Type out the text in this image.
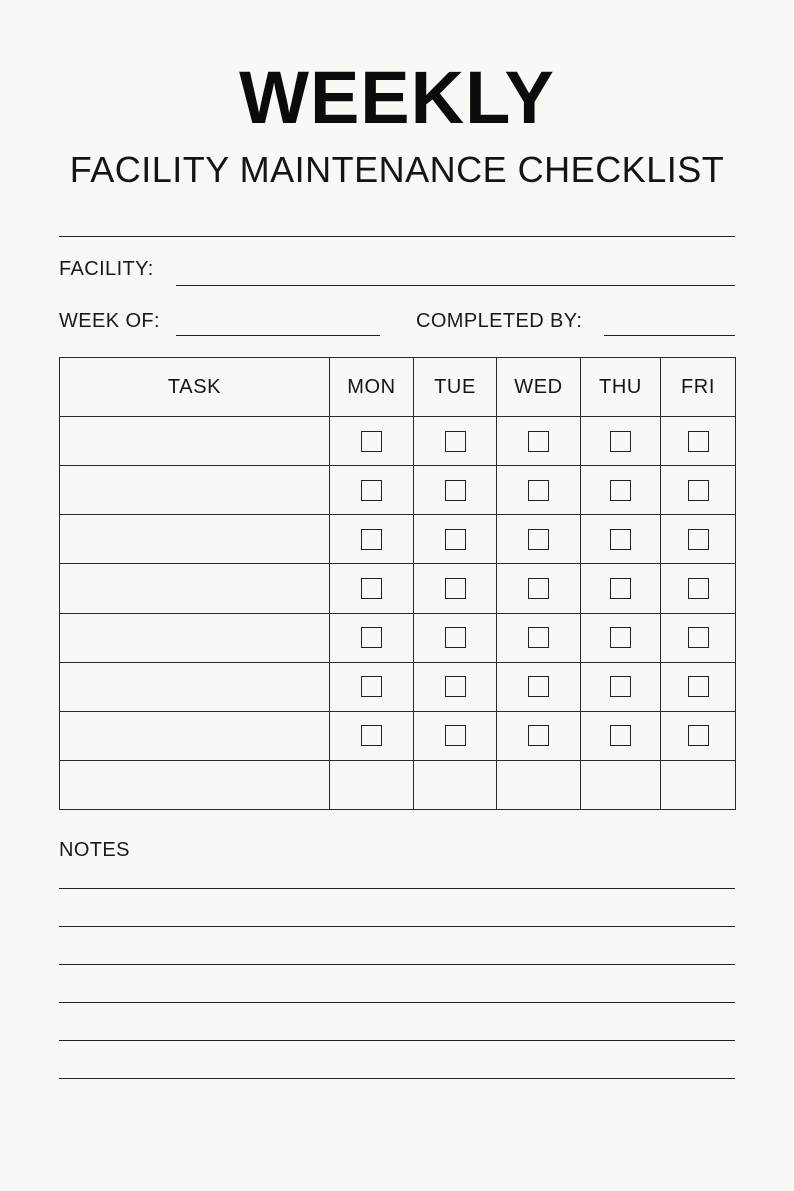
WEEKLY
FACILITY MAINTENANCE CHECKLIST
FACILITY:
WEEK OF:	COMPLETED BY:
TASK	MON	TUE	WED	THU	FRI

NOTES
